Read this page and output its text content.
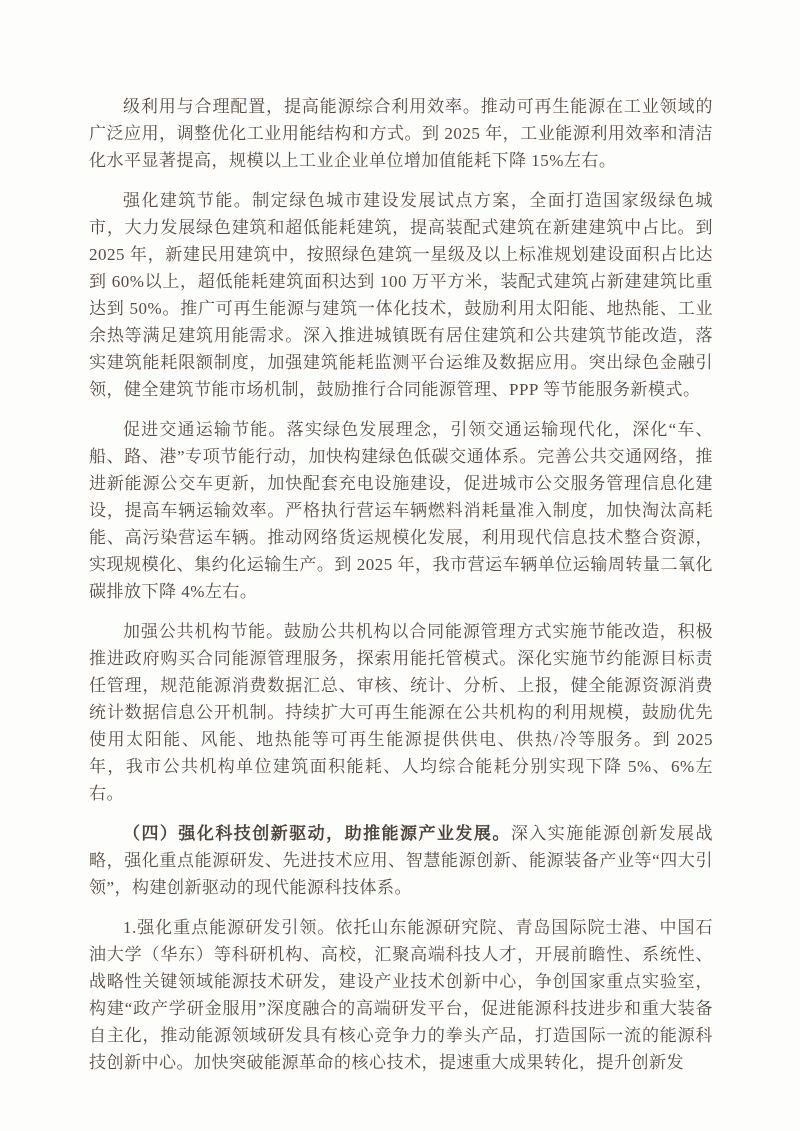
级利用与合理配置，提高能源综合利用效率。推动可再生能源在工业领域的广泛应用，调整优化工业用能结构和方式。到 2025 年，工业能源利用效率和清洁化水平显著提高，规模以上工业企业单位增加值能耗下降 15%左右。

强化建筑节能。制定绿色城市建设发展试点方案，全面打造国家级绿色城市，大力发展绿色建筑和超低能耗建筑，提高装配式建筑在新建建筑中占比。到 2025 年，新建民用建筑中，按照绿色建筑一星级及以上标准规划建设面积占比达到 60%以上，超低能耗建筑面积达到 100 万平方米，装配式建筑占新建建筑比重达到 50%。推广可再生能源与建筑一体化技术，鼓励利用太阳能、地热能、工业余热等满足建筑用能需求。深入推进城镇既有居住建筑和公共建筑节能改造，落实建筑能耗限额制度，加强建筑能耗监测平台运维及数据应用。突出绿色金融引领，健全建筑节能市场机制，鼓励推行合同能源管理、PPP 等节能服务新模式。

促进交通运输节能。落实绿色发展理念，引领交通运输现代化，深化“车、船、路、港”专项节能行动，加快构建绿色低碳交通体系。完善公共交通网络，推进新能源公交车更新，加快配套充电设施建设，促进城市公交服务管理信息化建设，提高车辆运输效率。严格执行营运车辆燃料消耗量准入制度，加快淘汰高耗能、高污染营运车辆。推动网络货运规模化发展，利用现代信息技术整合资源，实现规模化、集约化运输生产。到 2025 年，我市营运车辆单位运输周转量二氧化碳排放下降 4%左右。

加强公共机构节能。鼓励公共机构以合同能源管理方式实施节能改造，积极推进政府购买合同能源管理服务，探索用能托管模式。深化实施节约能源目标责任管理，规范能源消费数据汇总、审核、统计、分析、上报，健全能源资源消费统计数据信息公开机制。持续扩大可再生能源在公共机构的利用规模，鼓励优先使用太阳能、风能、地热能等可再生能源提供供电、供热/冷等服务。到 2025 年，我市公共机构单位建筑面积能耗、人均综合能耗分别实现下降 5%、6%左右。

（四）强化科技创新驱动，助推能源产业发展。深入实施能源创新发展战略，强化重点能源研发、先进技术应用、智慧能源创新、能源装备产业等“四大引领”，构建创新驱动的现代能源科技体系。

1.强化重点能源研发引领。依托山东能源研究院、青岛国际院士港、中国石油大学（华东）等科研机构、高校，汇聚高端科技人才，开展前瞻性、系统性、战略性关键领域能源技术研发，建设产业技术创新中心，争创国家重点实验室，构建“政产学研金服用”深度融合的高端研发平台，促进能源科技进步和重大装备自主化，推动能源领域研发具有核心竞争力的拳头产品，打造国际一流的能源科技创新中心。加快突破能源革命的核心技术，提速重大成果转化，提升创新发
